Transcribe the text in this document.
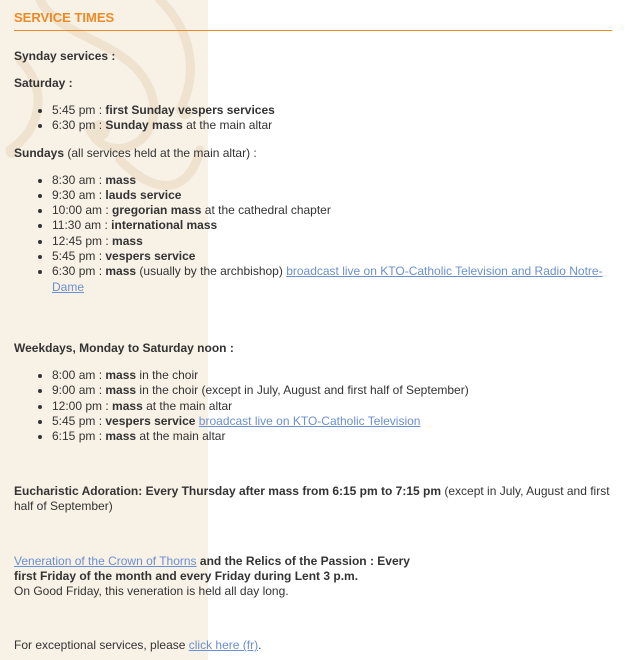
SERVICE TIMES

Synday services :

Saturday :

• 5:45 pm : first Sunday vespers services
• 6:30 pm : Sunday mass at the main altar

Sundays (all services held at the main altar) :

• 8:30 am : mass
• 9:30 am : lauds service
• 10:00 am : gregorian mass at the cathedral chapter
• 11:30 am : international mass
• 12:45 pm : mass
• 5:45 pm : vespers service
• 6:30 pm : mass (usually by the archbishop) broadcast live on KTO-Catholic Television and Radio Notre-Dame

Weekdays, Monday to Saturday noon :

• 8:00 am : mass in the choir
• 9:00 am : mass in the choir (except in July, August and first half of September)
• 12:00 pm : mass at the main altar
• 5:45 pm : vespers service broadcast live on KTO-Catholic Television
• 6:15 pm : mass at the main altar

Eucharistic Adoration: Every Thursday after mass from 6:15 pm to 7:15 pm (except in July, August and first half of September)

Veneration of the Crown of Thorns and the Relics of the Passion : Every
first Friday of the month and every Friday during Lent 3 p.m.
On Good Friday, this veneration is held all day long.

For exceptional services, please click here (fr).
